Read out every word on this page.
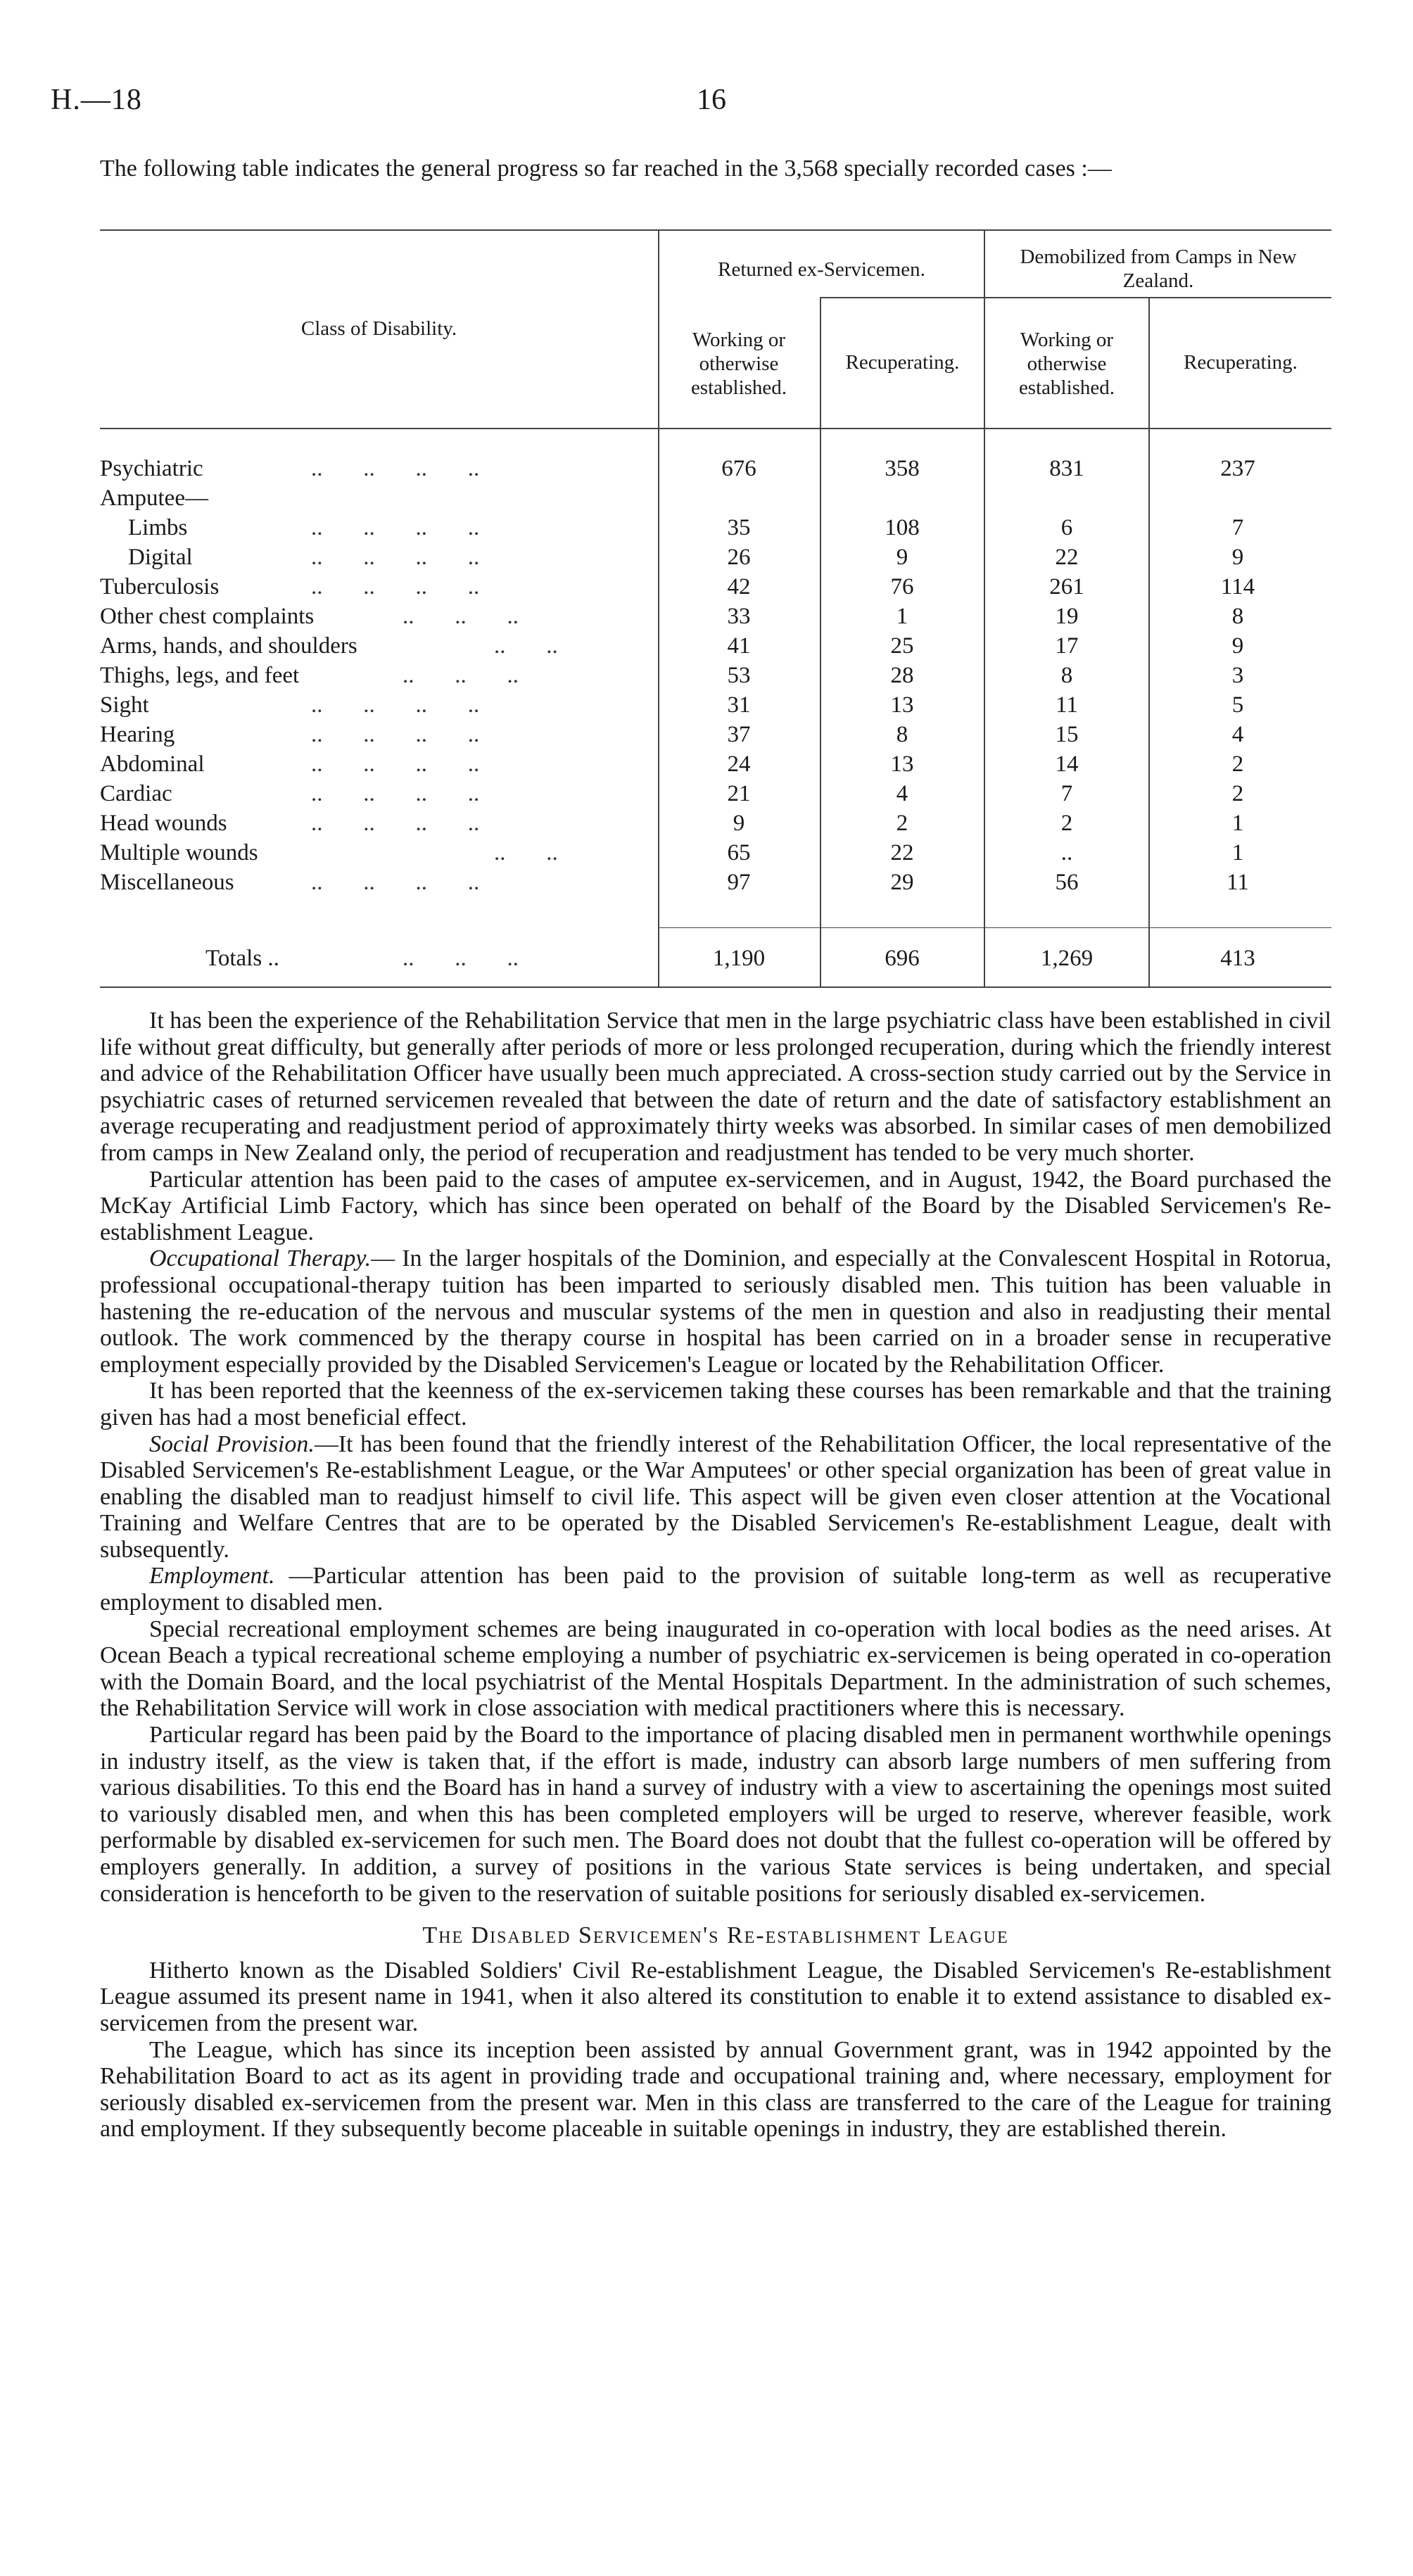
H.—18	16
The following table indicates the general progress so far reached in the 3,568 specially recorded cases :—
Class of Disability.
Returned ex-Servicemen.
Demobilized from Camps in New Zealand.
Working or otherwise established.
Recuperating.
Working or otherwise established.
Recuperating.
Psychiatric	..       ..       ..       ..	676	358	831	237
Amputee—
Limbs	..       ..       ..       ..	35	108	6	7
Digital	..       ..       ..       ..	26	9	22	9
Tuberculosis	..       ..       ..       ..	42	76	261	114
Other chest complaints	..       ..       ..	33	1	19	8
Arms, hands, and shoulders	..       ..	41	25	17	9
Thighs, legs, and feet	..       ..       ..	53	28	8	3
Sight	..       ..       ..       ..	31	13	11	5
Hearing	..       ..       ..       ..	37	8	15	4
Abdominal	..       ..       ..       ..	24	13	14	2
Cardiac	..       ..       ..       ..	21	4	7	2
Head wounds	..       ..       ..       ..	9	2	2	1
Multiple wounds	..       ..	65	22	..	1
Miscellaneous	..       ..       ..       ..	97	29	56	11
Totals ..	..       ..       ..	1,190	696	1,269	413

It has been the experience of the Rehabilitation Service that men in the large psychiatric class have been established in civil life without great difficulty, but generally after periods of more or less prolonged recuperation, during which the friendly interest and advice of the Rehabilitation Officer have usually been much appreciated. A cross-section study carried out by the Service in psychiatric cases of returned servicemen revealed that between the date of return and the date of satisfactory establishment an average recuperating and readjustment period of approximately thirty weeks was absorbed. In similar cases of men demobilized from camps in New Zealand only, the period of recuperation and readjustment has tended to be very much shorter.

Particular attention has been paid to the cases of amputee ex-servicemen, and in August, 1942, the Board purchased the McKay Artificial Limb Factory, which has since been operated on behalf of the Board by the Disabled Servicemen's Re-establishment League.

Occupational Therapy.— In the larger hospitals of the Dominion, and especially at the Convalescent Hospital in Rotorua, professional occupational-therapy tuition has been imparted to seriously disabled men. This tuition has been valuable in hastening the re-education of the nervous and muscular systems of the men in question and also in readjusting their mental outlook. The work commenced by the therapy course in hospital has been carried on in a broader sense in recuperative employment especially provided by the Disabled Servicemen's League or located by the Rehabilitation Officer.

It has been reported that the keenness of the ex-servicemen taking these courses has been remarkable and that the training given has had a most beneficial effect.

Social Provision.—It has been found that the friendly interest of the Rehabilitation Officer, the local representative of the Disabled Servicemen's Re-establishment League, or the War Amputees' or other special organization has been of great value in enabling the disabled man to readjust himself to civil life. This aspect will be given even closer attention at the Vocational Training and Welfare Centres that are to be operated by the Disabled Servicemen's Re-establishment League, dealt with subsequently.

Employment. —Particular attention has been paid to the provision of suitable long-term as well as recuperative employment to disabled men.

Special recreational employment schemes are being inaugurated in co-operation with local bodies as the need arises. At Ocean Beach a typical recreational scheme employing a number of psychiatric ex-servicemen is being operated in co-operation with the Domain Board, and the local psychiatrist of the Mental Hospitals Department. In the administration of such schemes, the Rehabilitation Service will work in close association with medical practitioners where this is necessary.

Particular regard has been paid by the Board to the importance of placing disabled men in permanent worthwhile openings in industry itself, as the view is taken that, if the effort is made, industry can absorb large numbers of men suffering from various disabilities. To this end the Board has in hand a survey of industry with a view to ascertaining the openings most suited to variously disabled men, and when this has been completed employers will be urged to reserve, wherever feasible, work performable by disabled ex-servicemen for such men. The Board does not doubt that the fullest co-operation will be offered by employers generally. In addition, a survey of positions in the various State services is being undertaken, and special consideration is henceforth to be given to the reservation of suitable positions for seriously disabled ex-servicemen.

The Disabled Servicemen's Re-establishment League

Hitherto known as the Disabled Soldiers' Civil Re-establishment League, the Disabled Servicemen's Re-establishment League assumed its present name in 1941, when it also altered its constitution to enable it to extend assistance to disabled ex-servicemen from the present war.

The League, which has since its inception been assisted by annual Government grant, was in 1942 appointed by the Rehabilitation Board to act as its agent in providing trade and occupational training and, where necessary, employment for seriously disabled ex-servicemen from the present war. Men in this class are transferred to the care of the League for training and employment. If they subsequently become placeable in suitable openings in industry, they are established therein.
